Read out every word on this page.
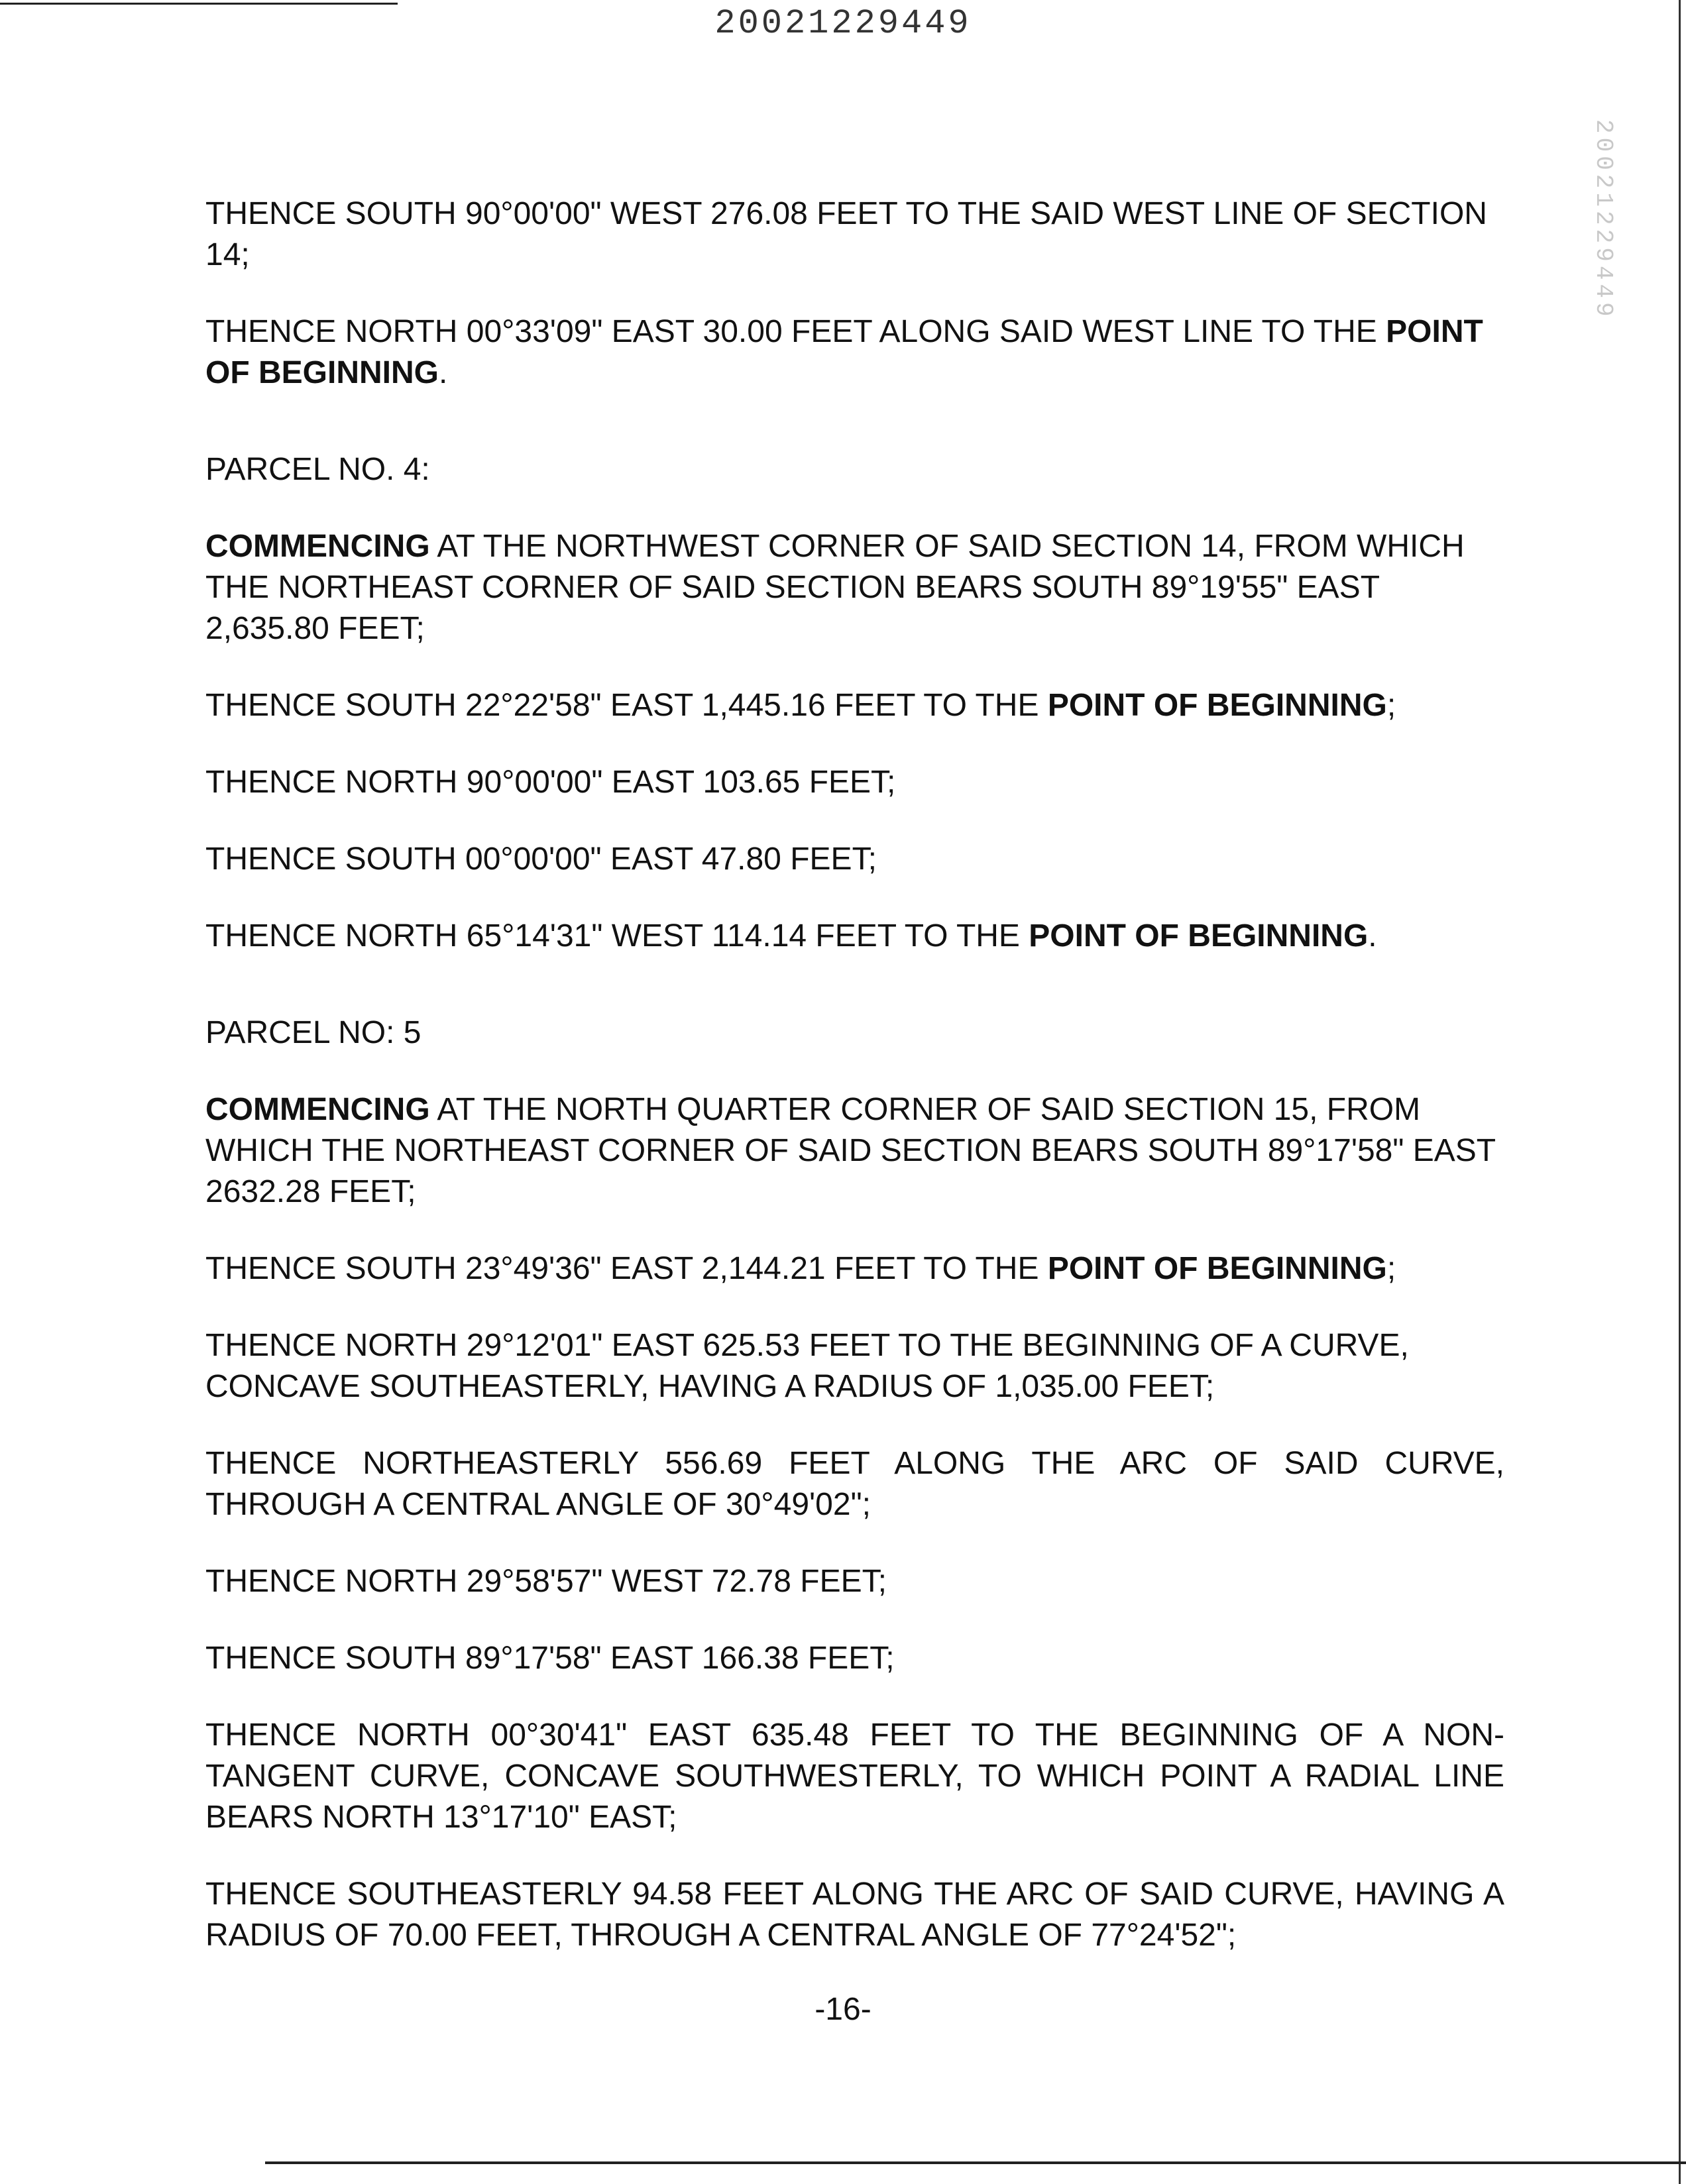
20021229449
20021229449

THENCE SOUTH 90°00'00" WEST 276.08 FEET TO THE SAID WEST LINE OF SECTION 14;

THENCE NORTH 00°33'09" EAST 30.00 FEET ALONG SAID WEST LINE TO THE POINT OF BEGINNING.

PARCEL NO. 4:

COMMENCING AT THE NORTHWEST CORNER OF SAID SECTION 14, FROM WHICH THE NORTHEAST CORNER OF SAID SECTION BEARS SOUTH 89°19'55" EAST 2,635.80 FEET;

THENCE SOUTH 22°22'58" EAST 1,445.16 FEET TO THE POINT OF BEGINNING;

THENCE NORTH 90°00'00" EAST 103.65 FEET;

THENCE SOUTH 00°00'00" EAST 47.80 FEET;

THENCE NORTH 65°14'31" WEST 114.14 FEET TO THE POINT OF BEGINNING.

PARCEL NO: 5

COMMENCING AT THE NORTH QUARTER CORNER OF SAID SECTION 15, FROM WHICH THE NORTHEAST CORNER OF SAID SECTION BEARS SOUTH 89°17'58" EAST 2632.28 FEET;

THENCE SOUTH 23°49'36" EAST 2,144.21 FEET TO THE POINT OF BEGINNING;

THENCE NORTH 29°12'01" EAST 625.53 FEET TO THE BEGINNING OF A CURVE, CONCAVE SOUTHEASTERLY, HAVING A RADIUS OF 1,035.00 FEET;

THENCE NORTHEASTERLY 556.69 FEET ALONG THE ARC OF SAID CURVE, THROUGH A CENTRAL ANGLE OF 30°49'02";

THENCE NORTH 29°58'57" WEST 72.78 FEET;

THENCE SOUTH 89°17'58" EAST 166.38 FEET;

THENCE NORTH 00°30'41" EAST 635.48 FEET TO THE BEGINNING OF A NON-TANGENT CURVE, CONCAVE SOUTHWESTERLY, TO WHICH POINT A RADIAL LINE BEARS NORTH 13°17'10" EAST;

THENCE SOUTHEASTERLY 94.58 FEET ALONG THE ARC OF SAID CURVE, HAVING A RADIUS OF 70.00 FEET, THROUGH A CENTRAL ANGLE OF 77°24'52";

-16-
